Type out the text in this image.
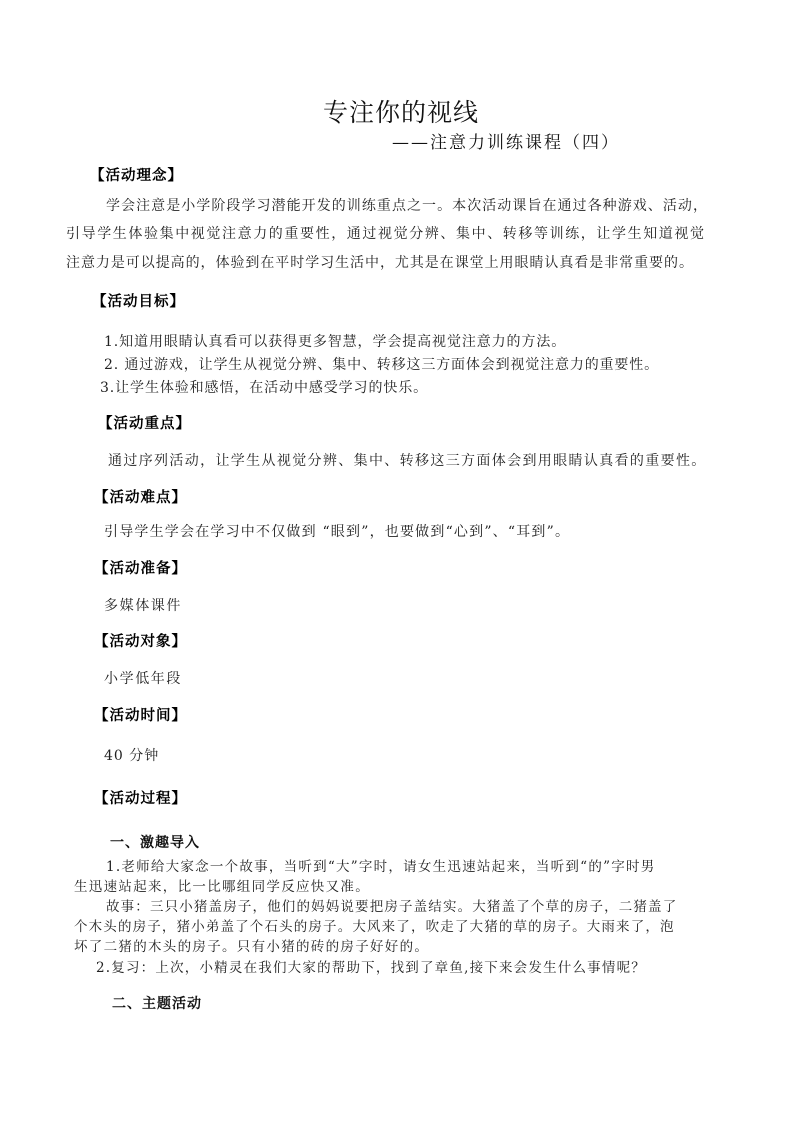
专注你的视线
——注意力训练课程（四）
【活动理念】
学会注意是小学阶段学习潜能开发的训练重点之一。本次活动课旨在通过各种游戏、活动，
引导学生体验集中视觉注意力的重要性，通过视觉分辨、集中、转移等训练，让学生知道视觉
注意力是可以提高的，体验到在平时学习生活中，尤其是在课堂上用眼睛认真看是非常重要的。
【活动目标】
1.知道用眼睛认真看可以获得更多智慧，学会提高视觉注意力的方法。
2. 通过游戏，让学生从视觉分辨、集中、转移这三方面体会到视觉注意力的重要性。
3.让学生体验和感悟，在活动中感受学习的快乐。
【活动重点】
通过序列活动，让学生从视觉分辨、集中、转移这三方面体会到用眼睛认真看的重要性。
【活动难点】
引导学生学会在学习中不仅做到 “眼到”，也要做到“心到”、“耳到”。
【活动准备】
多媒体课件
【活动对象】
小学低年段
【活动时间】
40 分钟
【活动过程】
一、激趣导入
1.老师给大家念一个故事，当听到“大”字时，请女生迅速站起来，当听到“的”字时男
生迅速站起来，比一比哪组同学反应快又准。
故事：三只小猪盖房子，他们的妈妈说要把房子盖结实。大猪盖了个草的房子，二猪盖了
个木头的房子，猪小弟盖了个石头的房子。大风来了，吹走了大猪的草的房子。大雨来了，泡
坏了二猪的木头的房子。只有小猪的砖的房子好好的。
2.复习：上次，小精灵在我们大家的帮助下，找到了章鱼,接下来会发生什么事情呢？
二、主题活动
